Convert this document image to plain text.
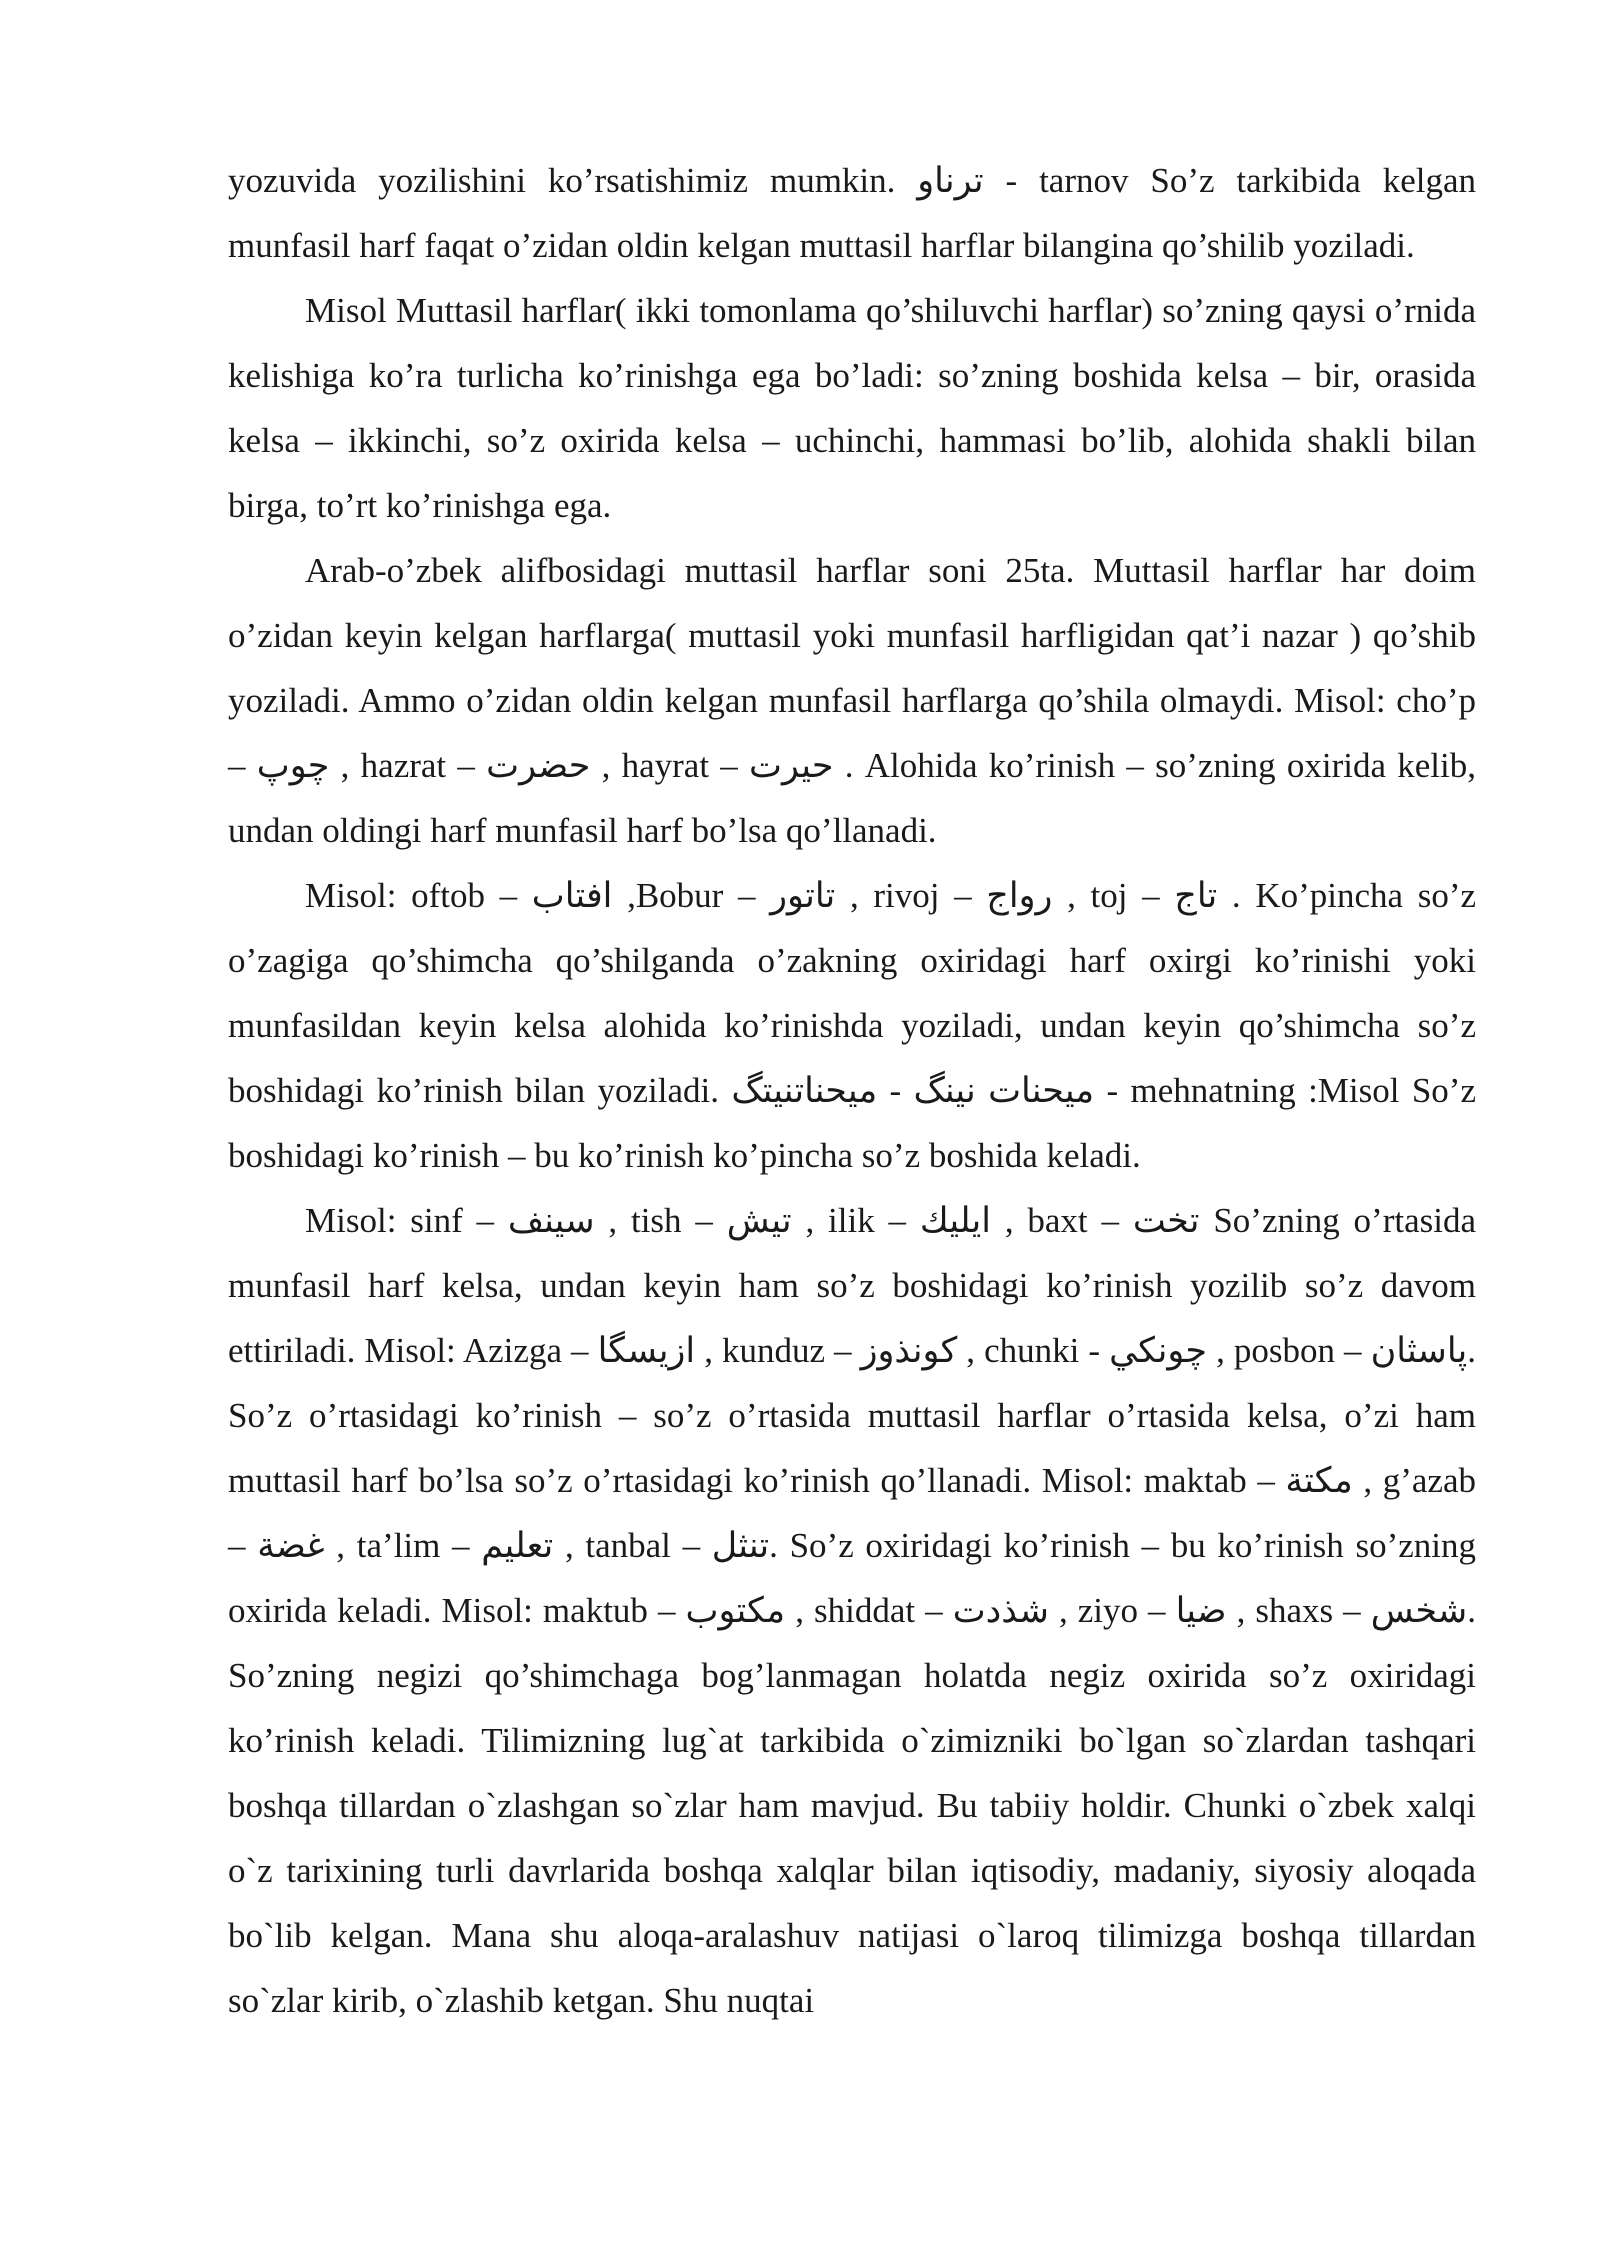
yozuvida yozilishini ko’rsatishimiz mumkin. ترناو - tarnov So’z tarkibida kelgan munfasil harf faqat o’zidan oldin kelgan muttasil harflar bilangina qo’shilib yoziladi.

Misol Muttasil harflar( ikki tomonlama qo’shiluvchi harflar) so’zning qaysi o’rnida kelishiga ko’ra turlicha ko’rinishga ega bo’ladi: so’zning boshida kelsa – bir, orasida kelsa – ikkinchi, so’z oxirida kelsa – uchinchi, hammasi bo’lib, alohida shakli bilan birga, to’rt ko’rinishga ega.

Arab-o’zbek alifbosidagi muttasil harflar soni 25ta. Muttasil harflar har doim o’zidan keyin kelgan harflarga( muttasil yoki munfasil harfligidan qat’i nazar ) qo’shib yoziladi. Ammo o’zidan oldin kelgan munfasil harflarga qo’shila olmaydi. Misol: cho’p – چوپ , hazrat – حضرت , hayrat – حيرت . Alohida ko’rinish – so’zning oxirida kelib, undan oldingi harf munfasil harf bo’lsa qo’llanadi.

Misol: oftob – افتاب ,Bobur – تاتور , rivoj – رواج , toj – تاج . Ko’pincha so’z o’zagiga qo’shimcha qo’shilganda o’zakning oxiridagi harf oxirgi ko’rinishi yoki munfasildan keyin kelsa alohida ko’rinishda yoziladi, undan keyin qo’shimcha so’z boshidagi ko’rinish bilan yoziladi. ميحنات نينگ - ميحناتنيتگ - mehnatning :Misol So’z boshidagi ko’rinish – bu ko’rinish ko’pincha so’z boshida keladi.

Misol: sinf – سينف , tish – تيش , ilik – ايليك , baxt – تخت So’zning o’rtasida munfasil harf kelsa, undan keyin ham so’z boshidagi ko’rinish yozilib so’z davom ettiriladi. Misol: Azizga – ازيسگا , kunduz – كونذوز , chunki - چونكي , posbon – پاسثان. So’z o’rtasidagi ko’rinish – so’z o’rtasida muttasil harflar o’rtasida kelsa, o’zi ham muttasil harf bo’lsa so’z o’rtasidagi ko’rinish qo’llanadi. Misol: maktab – مكتة , g’azab – غضة , ta’lim – تعليم , tanbal – تنثل. So’z oxiridagi ko’rinish – bu ko’rinish so’zning oxirida keladi. Misol: maktub – مكتوب , shiddat – شذدت , ziyo – ضيا , shaxs – شخس. So’zning negizi qo’shimchaga bog’lanmagan holatda negiz oxirida so’z oxiridagi ko’rinish keladi. Tilimizning lug`at tarkibida o`zimizniki bo`lgan so`zlardan tashqari boshqa tillardan o`zlashgan so`zlar ham mavjud. Bu tabiiy holdir. Chunki o`zbek xalqi o`z tarixining turli davrlarida boshqa xalqlar bilan iqtisodiy, madaniy, siyosiy aloqada bo`lib kelgan. Mana shu aloqa-aralashuv natijasi o`laroq tilimizga boshqa tillardan so`zlar kirib, o`zlashib ketgan. Shu nuqtai
